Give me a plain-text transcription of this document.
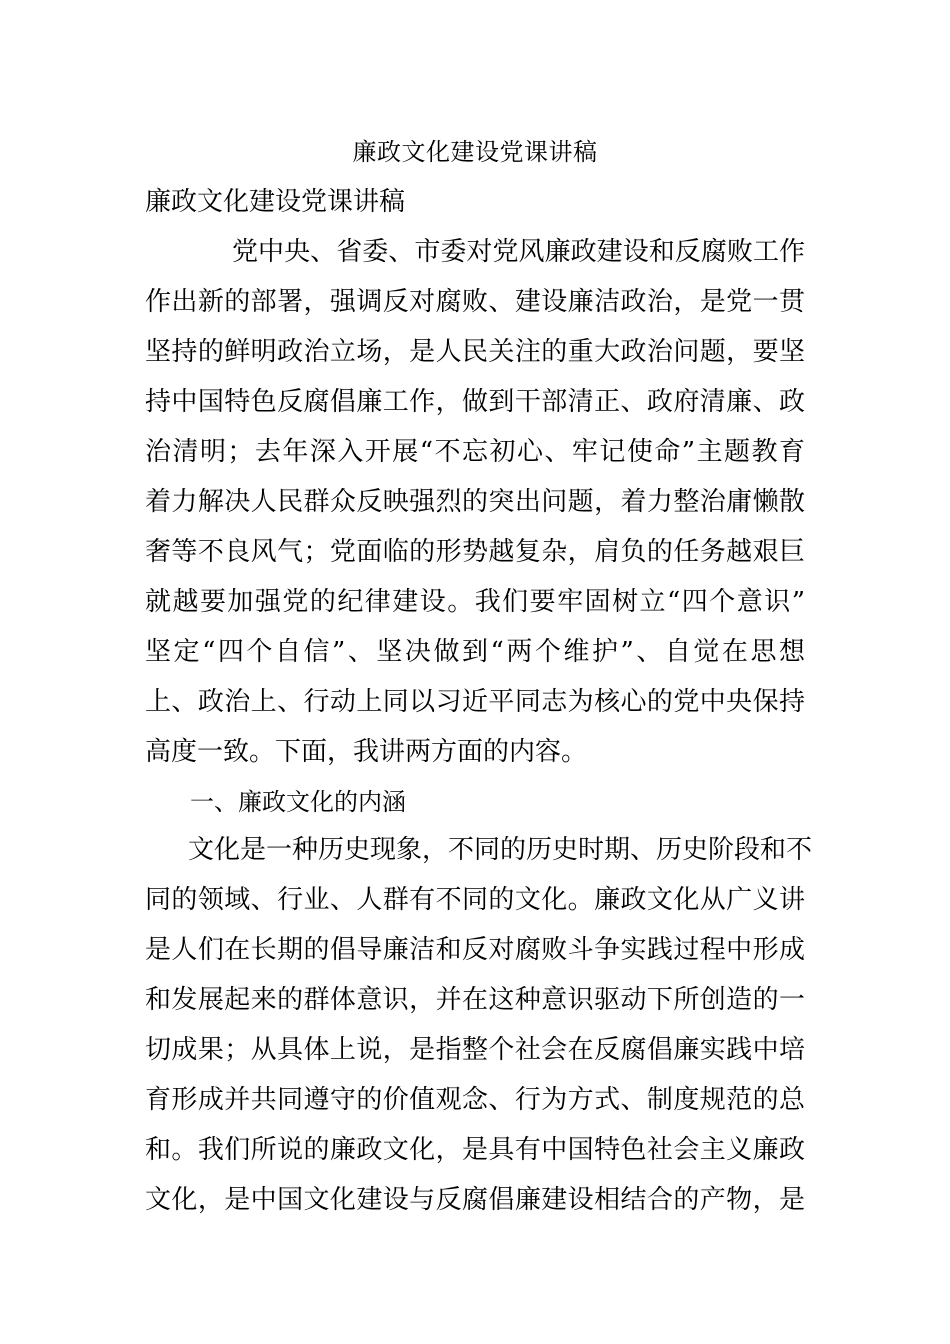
廉政文化建设党课讲稿
廉政文化建设党课讲稿
党中央、省委、市委对党风廉政建设和反腐败工作
作出新的部署，强调反对腐败、建设廉洁政治，是党一贯
坚持的鲜明政治立场，是人民关注的重大政治问题，要坚
持中国特色反腐倡廉工作，做到干部清正、政府清廉、政
治清明；去年深入开展“不忘初心、牢记使命”主题教育
着力解决人民群众反映强烈的突出问题，着力整治庸懒散
奢等不良风气；党面临的形势越复杂，肩负的任务越艰巨
就越要加强党的纪律建设。我们要牢固树立“四个意识”
坚定“四个自信”、坚决做到“两个维护”、自觉在思想
上、政治上、行动上同以习近平同志为核心的党中央保持
高度一致。下面，我讲两方面的内容。
一、廉政文化的内涵
文化是一种历史现象，不同的历史时期、历史阶段和不
同的领域、行业、人群有不同的文化。廉政文化从广义讲
是人们在长期的倡导廉洁和反对腐败斗争实践过程中形成
和发展起来的群体意识，并在这种意识驱动下所创造的一
切成果；从具体上说，是指整个社会在反腐倡廉实践中培
育形成并共同遵守的价值观念、行为方式、制度规范的总
和。我们所说的廉政文化，是具有中国特色社会主义廉政
文化，是中国文化建设与反腐倡廉建设相结合的产物，是
